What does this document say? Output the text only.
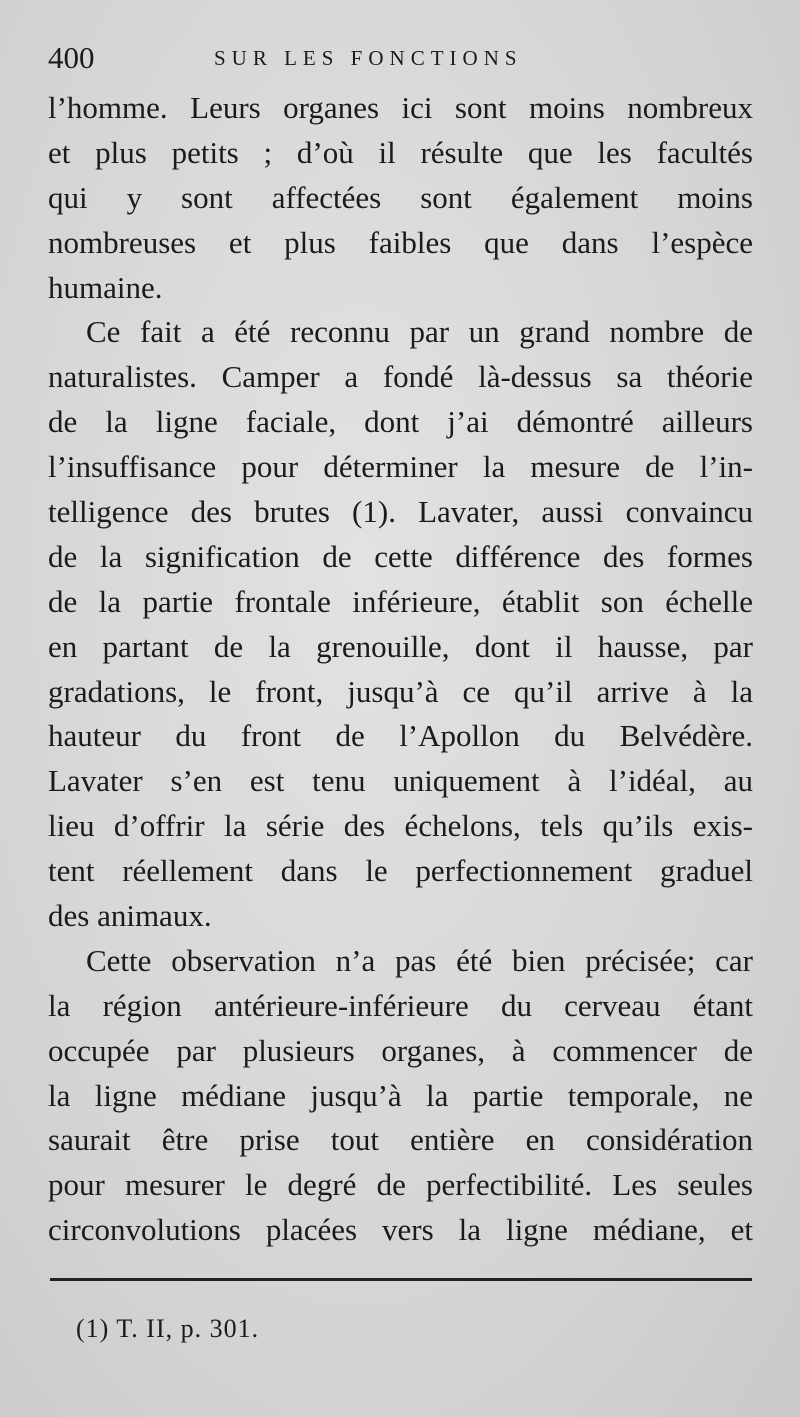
400	SUR LES FONCTIONS
l’homme. Leurs organes ici sont moins nombreux
et plus petits ; d’où il résulte que les facultés
qui y sont affectées sont également moins
nombreuses et plus faibles que dans l’espèce
humaine.
Ce fait a été reconnu par un grand nombre de
naturalistes. Camper a fondé là-dessus sa théorie
de la ligne faciale, dont j’ai démontré ailleurs
l’insuffisance pour déterminer la mesure de l’in-
telligence des brutes (1). Lavater, aussi convaincu
de la signification de cette différence des formes
de la partie frontale inférieure, établit son échelle
en partant de la grenouille, dont il hausse, par
gradations, le front, jusqu’à ce qu’il arrive à la
hauteur du front de l’Apollon du Belvédère.
Lavater s’en est tenu uniquement à l’idéal, au
lieu d’offrir la série des échelons, tels qu’ils exis-
tent réellement dans le perfectionnement graduel
des animaux.
Cette observation n’a pas été bien précisée; car
la région antérieure-inférieure du cerveau étant
occupée par plusieurs organes, à commencer de
la ligne médiane jusqu’à la partie temporale, ne
saurait être prise tout entière en considération
pour mesurer le degré de perfectibilité. Les seules
circonvolutions placées vers la ligne médiane, et
(1) T. II, p. 301.
